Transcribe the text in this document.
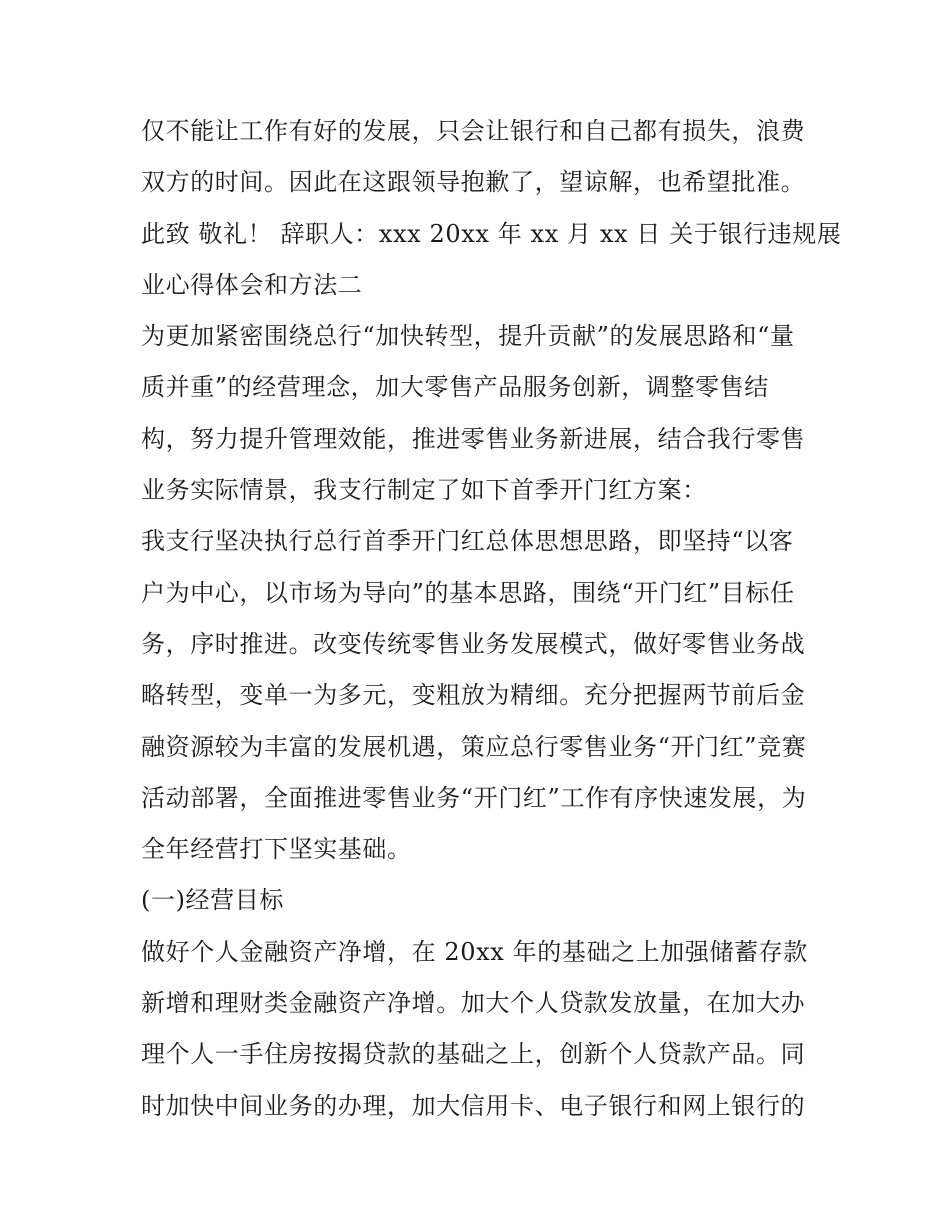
仅不能让工作有好的发展，只会让银行和自己都有损失，浪费
双方的时间。因此在这跟领导抱歉了，望谅解，也希望批准。
此致 敬礼！ 辞职人：xxx 20xx 年 xx 月 xx 日 关于银行违规展
业心得体会和方法二
为更加紧密围绕总行“加快转型，提升贡献”的发展思路和“量
质并重”的经营理念，加大零售产品服务创新，调整零售结
构，努力提升管理效能，推进零售业务新进展，结合我行零售
业务实际情景，我支行制定了如下首季开门红方案：
我支行坚决执行总行首季开门红总体思想思路，即坚持“以客
户为中心，以市场为导向”的基本思路，围绕“开门红”目标任
务，序时推进。改变传统零售业务发展模式，做好零售业务战
略转型，变单一为多元，变粗放为精细。充分把握两节前后金
融资源较为丰富的发展机遇，策应总行零售业务“开门红”竞赛
活动部署，全面推进零售业务“开门红”工作有序快速发展，为
全年经营打下坚实基础。
(一)经营目标
做好个人金融资产净增，在 20xx 年的基础之上加强储蓄存款
新增和理财类金融资产净增。加大个人贷款发放量，在加大办
理个人一手住房按揭贷款的基础之上，创新个人贷款产品。同
时加快中间业务的办理，加大信用卡、电子银行和网上银行的
